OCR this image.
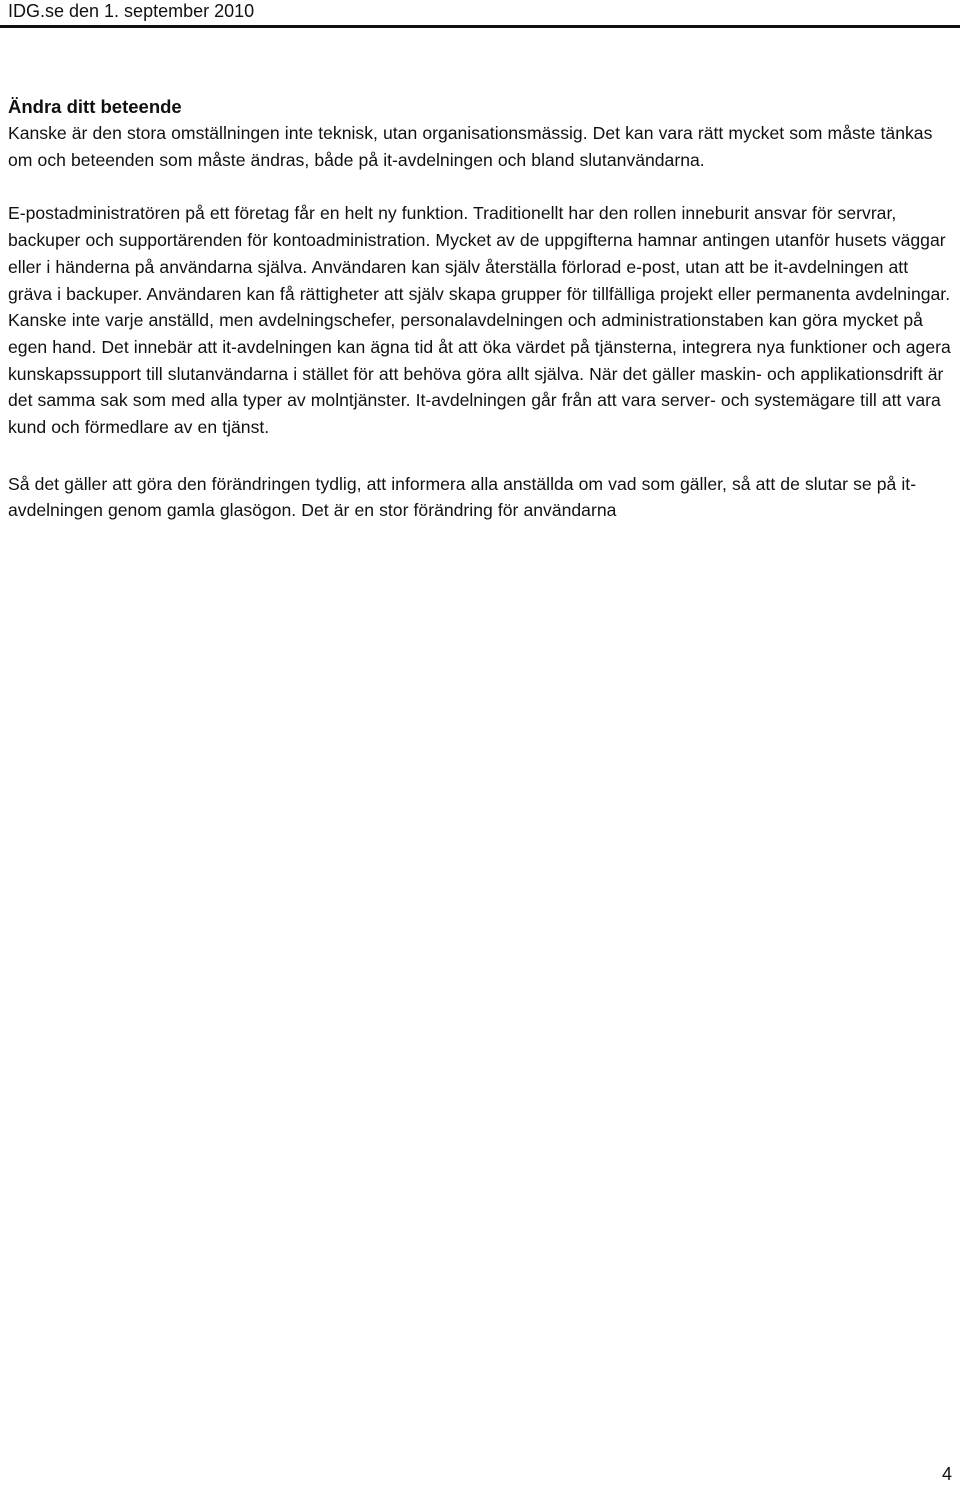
IDG.se den 1. september 2010
Ändra ditt beteende

Kanske är den stora omställningen inte teknisk, utan organisationsmässig. Det kan vara rätt mycket som måste tänkas om och beteenden som måste ändras, både på it-avdelningen och bland slutanvändarna.

E-postadministratören på ett företag får en helt ny funktion. Traditionellt har den rollen inneburit ansvar för servrar, backuper och supportärenden för kontoadministration. Mycket av de uppgifterna hamnar antingen utanför husets väggar eller i händerna på användarna själva. Användaren kan själv återställa förlorad e-post, utan att be it-avdelningen att gräva i backuper. Användaren kan få rättigheter att själv skapa grupper för tillfälliga projekt eller permanenta avdelningar. Kanske inte varje anställd, men avdelningschefer, personalavdelningen och administrationstaben kan göra mycket på egen hand. Det innebär att it-avdelningen kan ägna tid åt att öka värdet på tjänsterna, integrera nya funktioner och agera kunskapssupport till slutanvändarna i stället för att behöva göra allt själva. När det gäller maskin- och applikationsdrift är det samma sak som med alla typer av molntjänster. It-avdelningen går från att vara server- och systemägare till att vara kund och förmedlare av en tjänst.

Så det gäller att göra den förändringen tydlig, att informera alla anställda om vad som gäller, så att de slutar se på it-avdelningen genom gamla glasögon. Det är en stor förändring för användarna

4
